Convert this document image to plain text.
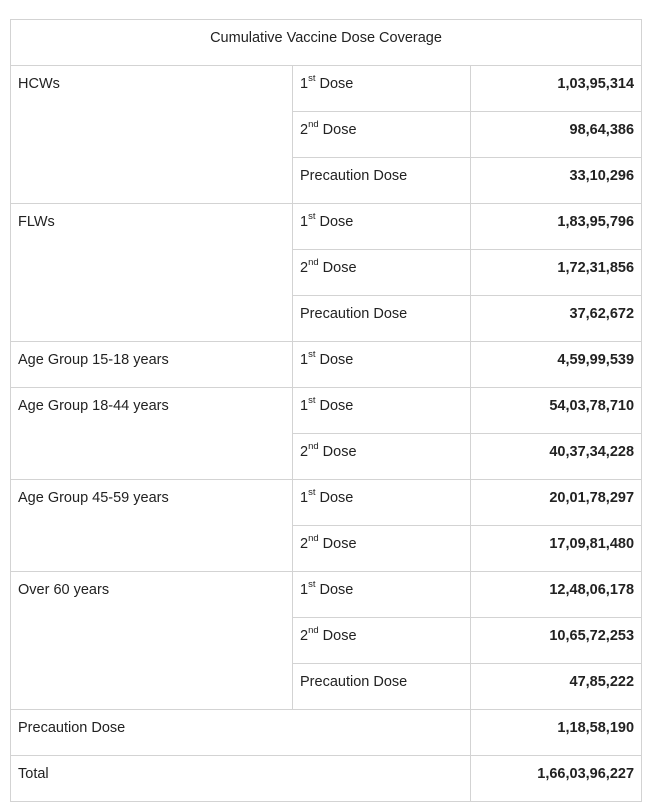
Cumulative Vaccine Dose Coverage		

HCWs	1st Dose	1,03,95,314

	2nd Dose	98,64,386

	Precaution Dose	33,10,296

FLWs	1st Dose	1,83,95,796

	2nd Dose	1,72,31,856

	Precaution Dose	37,62,672

Age Group 15-18 years	1st Dose	4,59,99,539

Age Group 18-44 years	1st Dose	54,03,78,710

	2nd Dose	40,37,34,228

Age Group 45-59 years	1st Dose	20,01,78,297

	2nd Dose	17,09,81,480

Over 60 years	1st Dose	12,48,06,178

	2nd Dose	10,65,72,253

	Precaution Dose	47,85,222

Precaution Dose		1,18,58,190

Total		1,66,03,96,227
